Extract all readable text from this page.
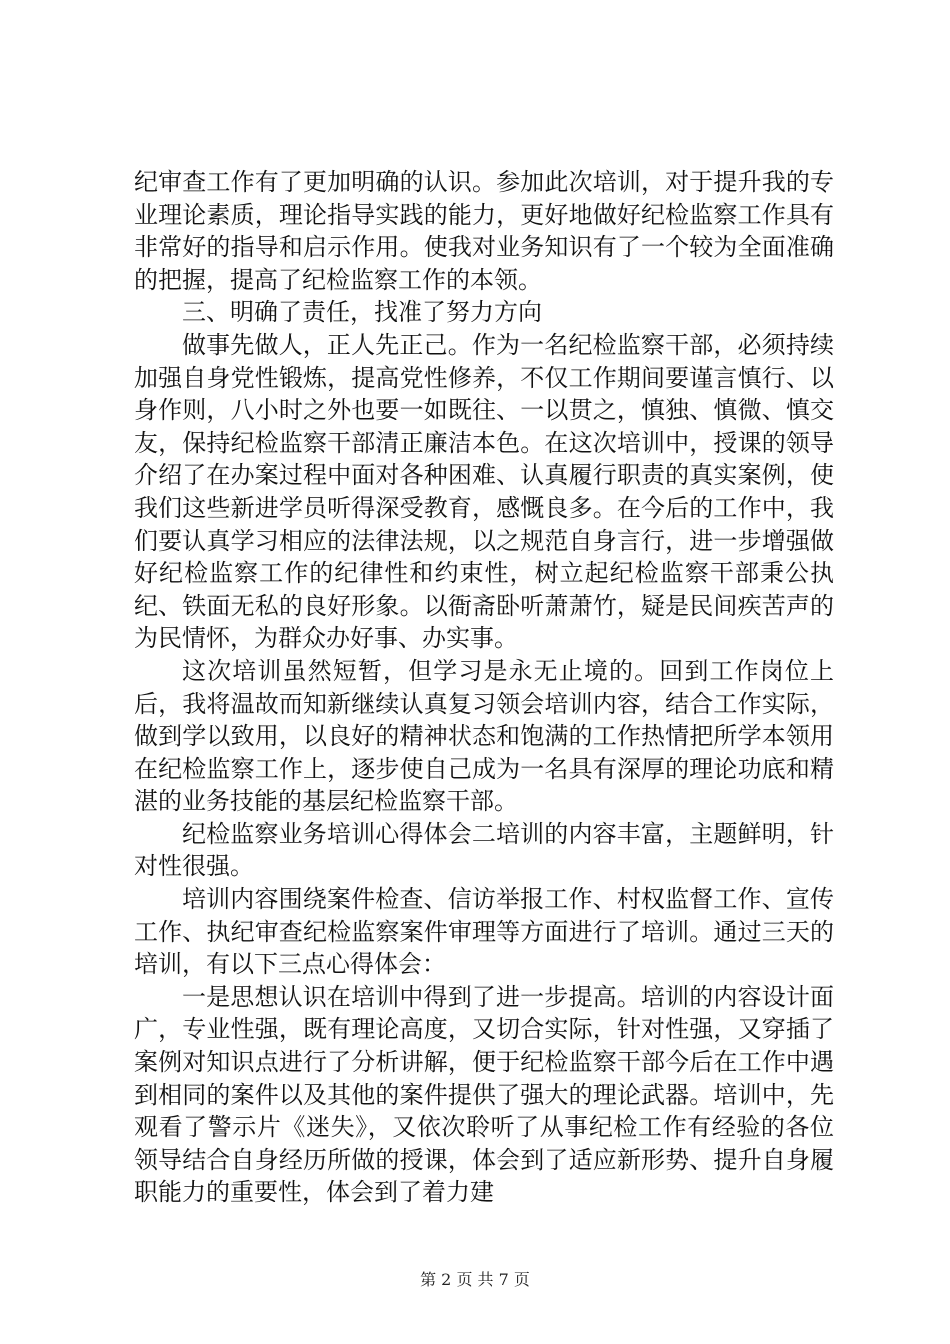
纪审查工作有了更加明确的认识。参加此次培训，对于提升我的专业理论素质，理论指导实践的能力，更好地做好纪检监察工作具有非常好的指导和启示作用。使我对业务知识有了一个较为全面准确的把握，提高了纪检监察工作的本领。

三、明确了责任，找准了努力方向

做事先做人，正人先正己。作为一名纪检监察干部，必须持续加强自身党性锻炼，提高党性修养，不仅工作期间要谨言慎行、以身作则，八小时之外也要一如既往、一以贯之，慎独、慎微、慎交友，保持纪检监察干部清正廉洁本色。在这次培训中，授课的领导介绍了在办案过程中面对各种困难、认真履行职责的真实案例，使我们这些新进学员听得深受教育，感慨良多。在今后的工作中，我们要认真学习相应的法律法规，以之规范自身言行，进一步增强做好纪检监察工作的纪律性和约束性，树立起纪检监察干部秉公执纪、铁面无私的良好形象。以衙斋卧听萧萧竹，疑是民间疾苦声的为民情怀，为群众办好事、办实事。

这次培训虽然短暂，但学习是永无止境的。回到工作岗位上后，我将温故而知新继续认真复习领会培训内容，结合工作实际，做到学以致用，以良好的精神状态和饱满的工作热情把所学本领用在纪检监察工作上，逐步使自己成为一名具有深厚的理论功底和精湛的业务技能的基层纪检监察干部。

纪检监察业务培训心得体会二培训的内容丰富，主题鲜明，针对性很强。

培训内容围绕案件检查、信访举报工作、村权监督工作、宣传工作、执纪审查纪检监察案件审理等方面进行了培训。通过三天的培训，有以下三点心得体会：

一是思想认识在培训中得到了进一步提高。培训的内容设计面广，专业性强，既有理论高度，又切合实际，针对性强，又穿插了案例对知识点进行了分析讲解，便于纪检监察干部今后在工作中遇到相同的案件以及其他的案件提供了强大的理论武器。培训中，先观看了警示片《迷失》，又依次聆听了从事纪检工作有经验的各位领导结合自身经历所做的授课，体会到了适应新形势、提升自身履职能力的重要性，体会到了着力建

第 2 页 共 7 页
